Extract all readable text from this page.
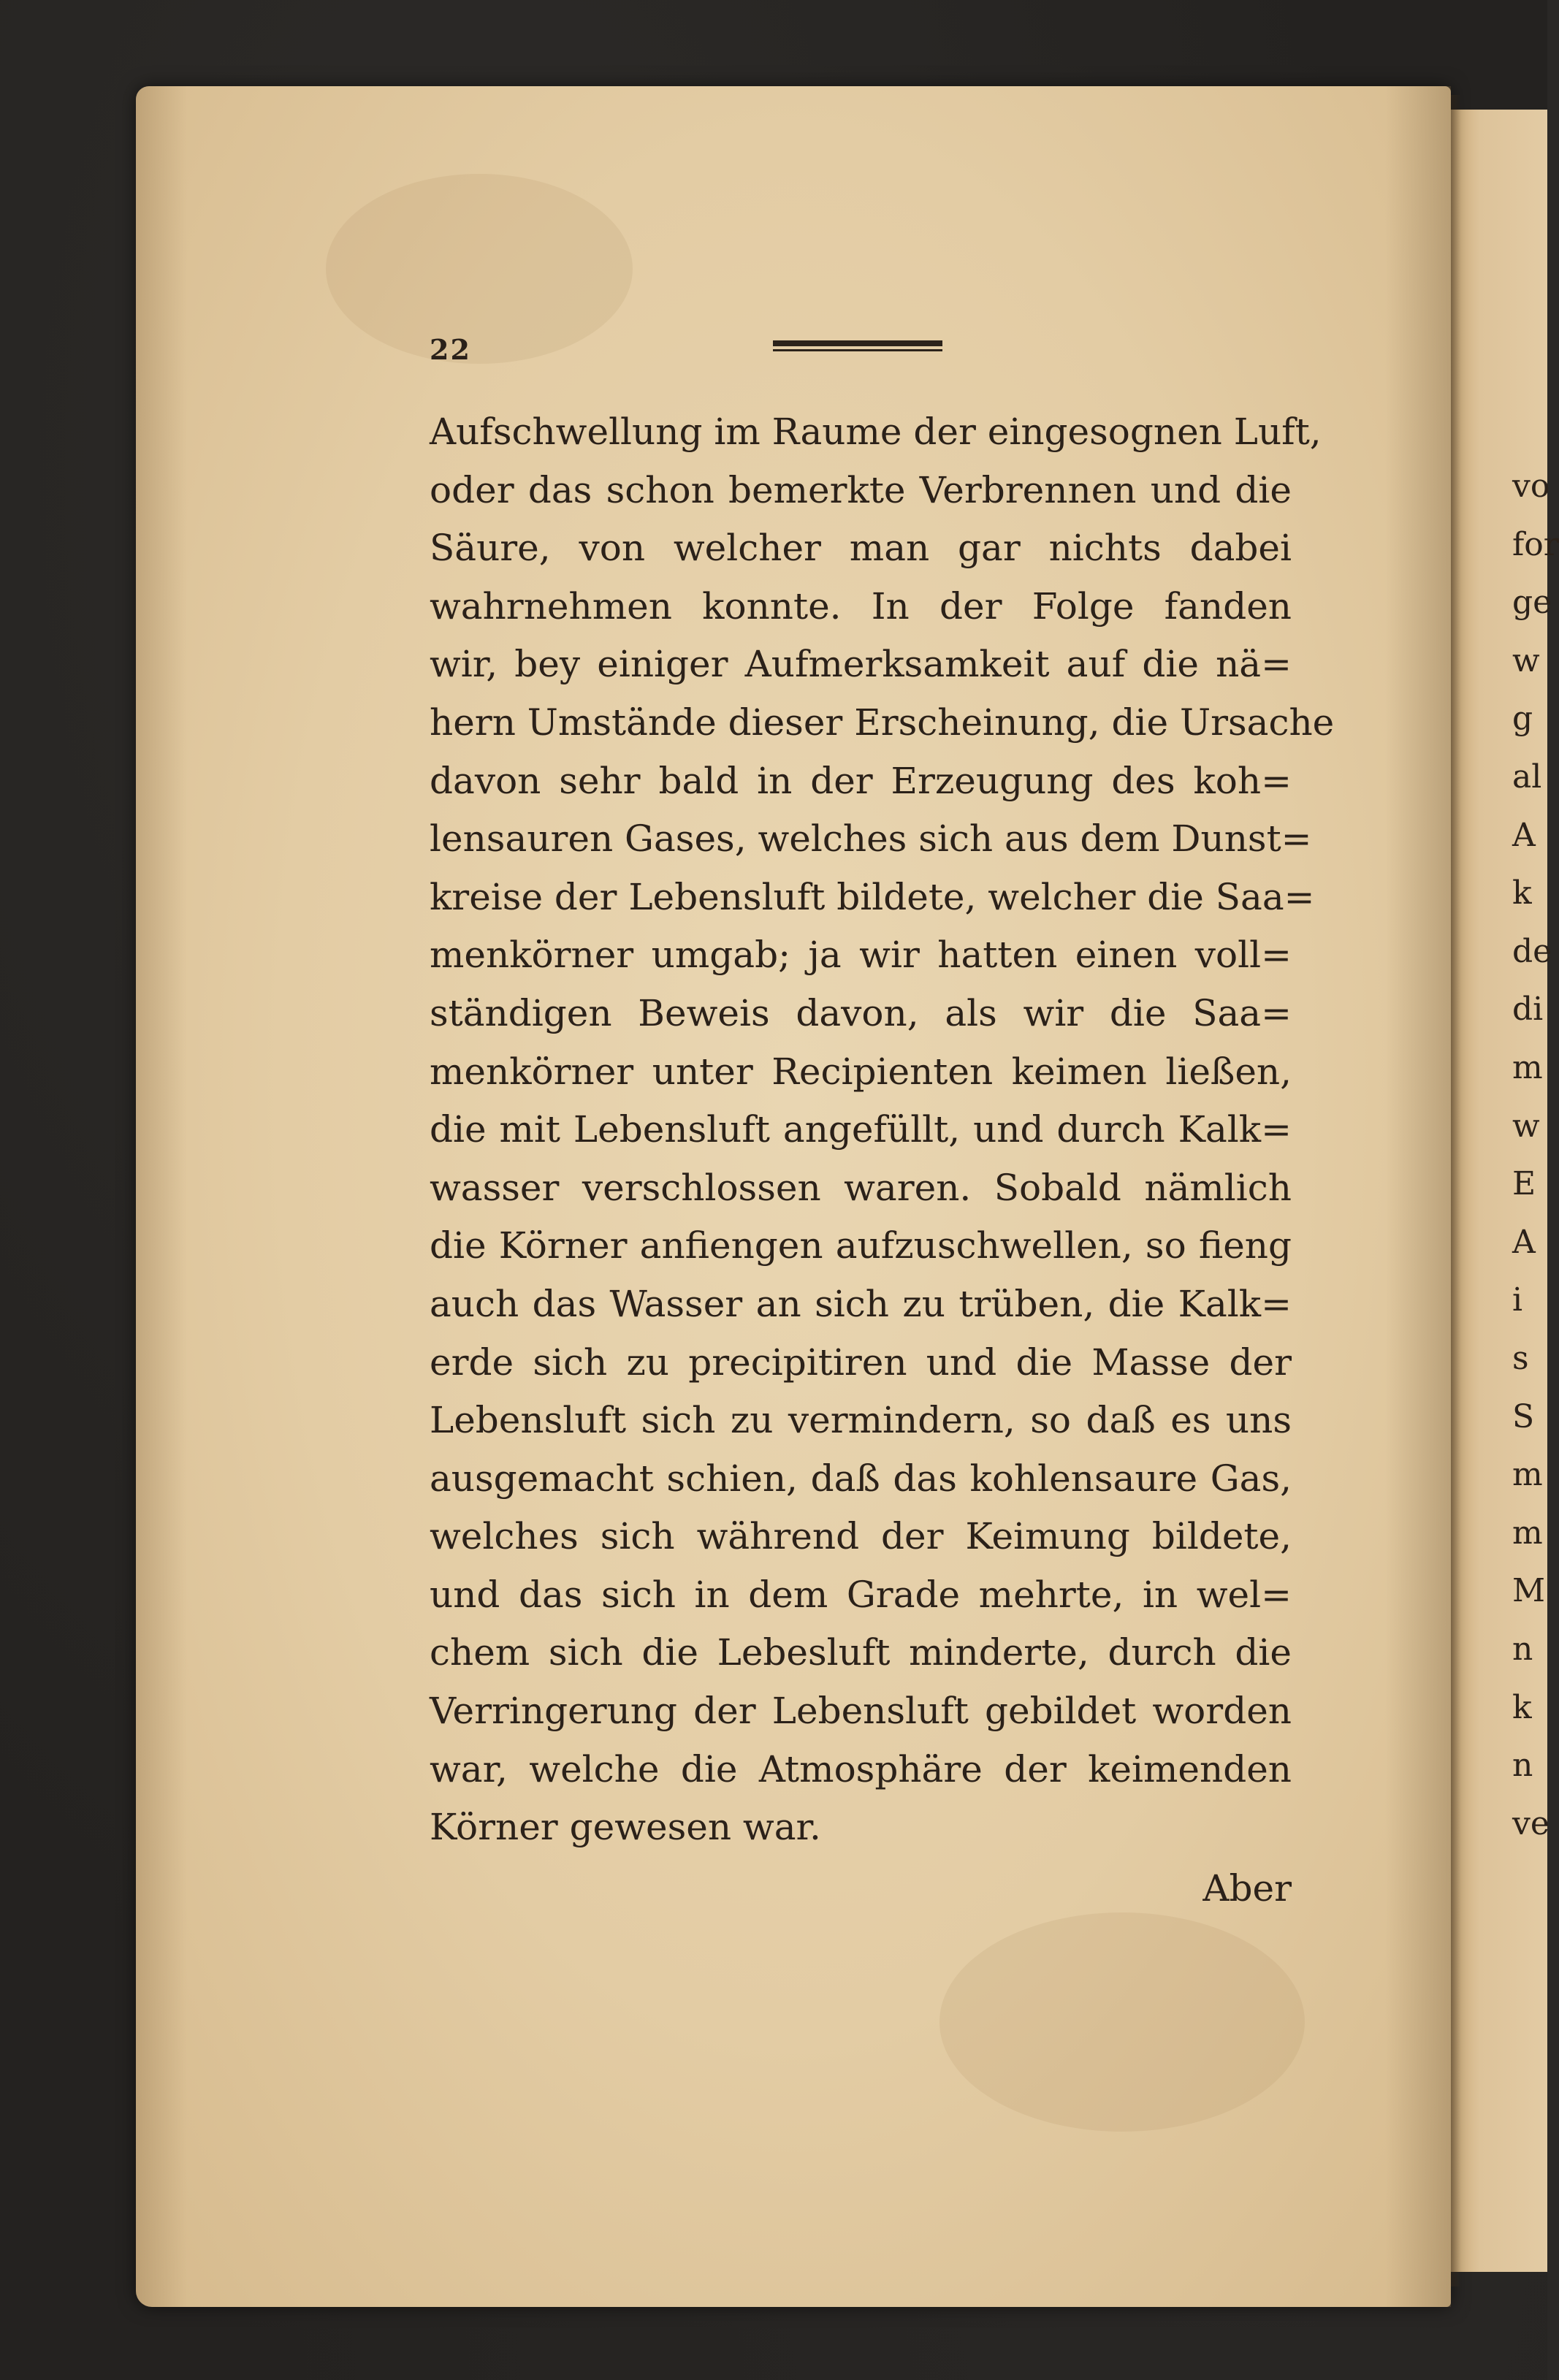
22
Aufschwellung im Raume der eingesognen Luft,
oder das schon bemerkte Verbrennen und die
Säure, von welcher man gar nichts dabei
wahrnehmen konnte. In der Folge fanden
wir, bey einiger Aufmerksamkeit auf die nä=
hern Umstände dieser Erscheinung, die Ursache
davon sehr bald in der Erzeugung des koh=
lensauren Gases, welches sich aus dem Dunst=
kreise der Lebensluft bildete, welcher die Saa=
menkörner umgab; ja wir hatten einen voll=
ständigen Beweis davon, als wir die Saa=
menkörner unter Recipienten keimen ließen,
die mit Lebensluft angefüllt, und durch Kalk=
wasser verschlossen waren. Sobald nämlich
die Körner anfiengen aufzuschwellen, so fieng
auch das Wasser an sich zu trüben, die Kalk=
erde sich zu precipitiren und die Masse der
Lebensluft sich zu vermindern, so daß es uns
ausgemacht schien, daß das kohlensaure Gas,
welches sich während der Keimung bildete,
und das sich in dem Grade mehrte, in wel=
chem sich die Lebesluft minderte, durch die
Verringerung der Lebensluft gebildet worden
war, welche die Atmosphäre der keimenden
Körner gewesen war.
Aber
vo
for
ge
w
g
al
A
k
de
di
m
w
E
A
i
s
S
m
m
M
n
k
n
ve
